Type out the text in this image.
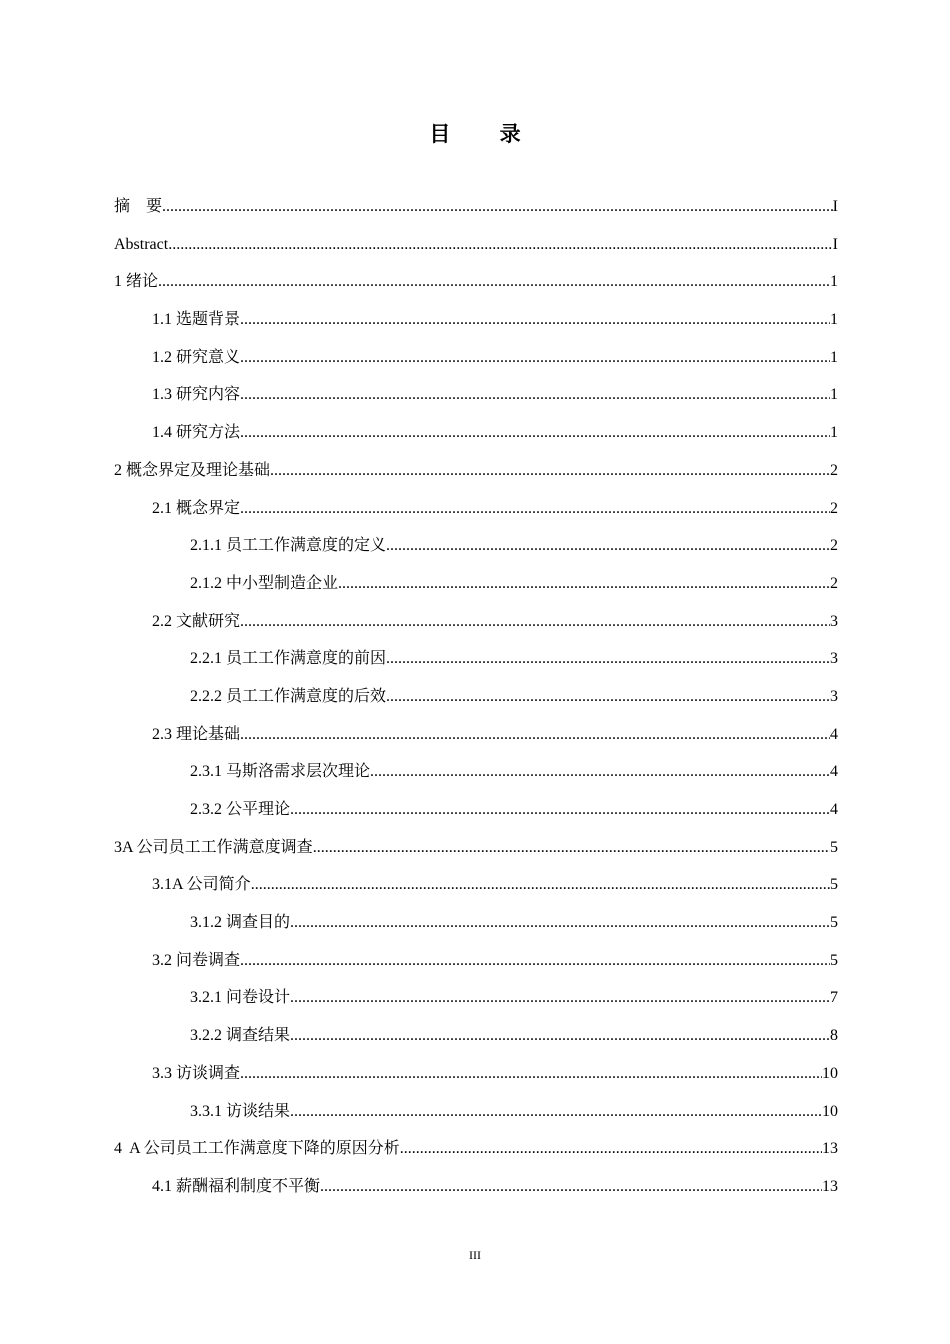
目 录
摘    要 .....	I
Abstract .....	I
1 绪论 .....	1
1.1 选题背景 .....	1
1.2 研究意义 .....	1
1.3 研究内容 .....	1
1.4 研究方法 .....	1
2 概念界定及理论基础 .....	2
2.1 概念界定 .....	2
2.1.1 员工工作满意度的定义 .....	2
2.1.2 中小型制造企业 .....	2
2.2 文献研究 .....	3
2.2.1 员工工作满意度的前因 .....	3
2.2.2 员工工作满意度的后效 .....	3
2.3 理论基础 .....	4
2.3.1 马斯洛需求层次理论 .....	4
2.3.2 公平理论 .....	4
3A 公司员工工作满意度调查 .....	5
3.1A 公司简介 .....	5
3.1.2 调查目的 .....	5
3.2 问卷调查 .....	5
3.2.1 问卷设计 .....	7
3.2.2 调查结果 .....	8
3.3 访谈调查 .....	10
3.3.1 访谈结果 .....	10
4  A 公司员工工作满意度下降的原因分析 .....	13
4.1 薪酬福利制度不平衡 .....	13
III
